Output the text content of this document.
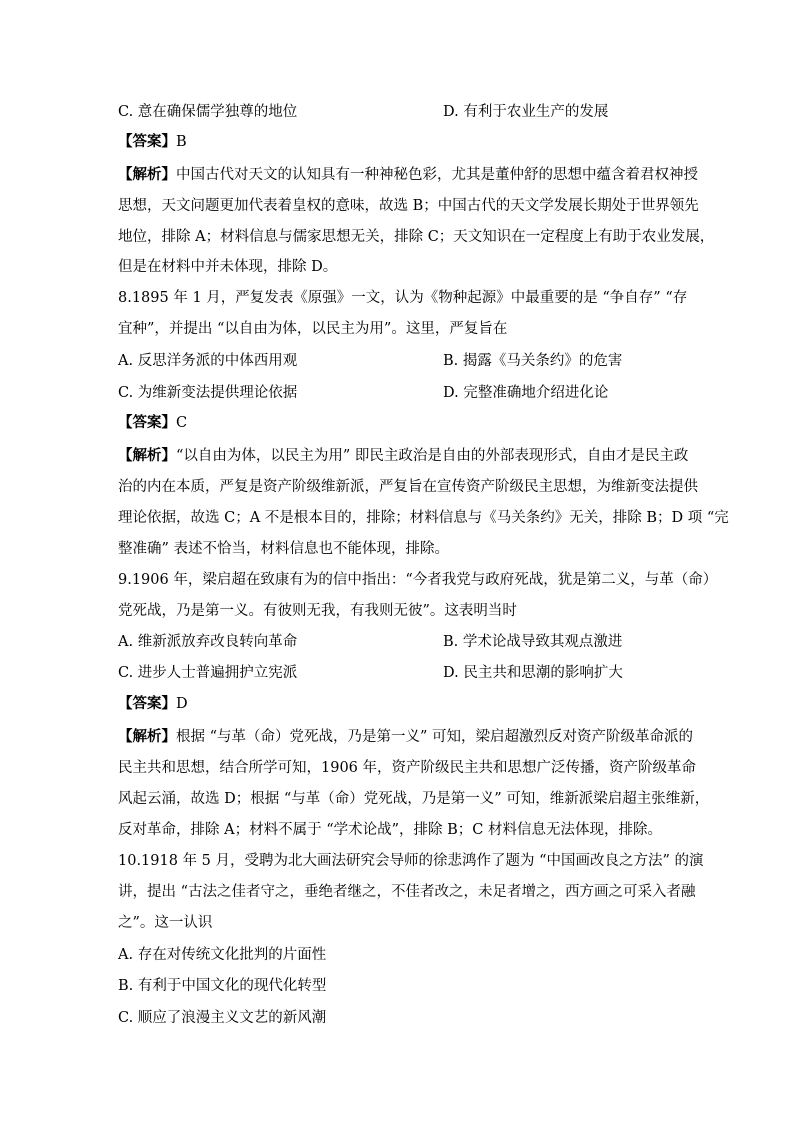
C. 意在确保儒学独尊的地位	D. 有利于农业生产的发展
【答案】B
【解析】中国古代对天文的认知具有一种神秘色彩，尤其是董仲舒的思想中蕴含着君权神授
思想，天文问题更加代表着皇权的意味，故选 B；中国古代的天文学发展长期处于世界领先
地位，排除 A；材料信息与儒家思想无关，排除 C；天文知识在一定程度上有助于农业发展，
但是在材料中并未体现，排除 D。
8.1895 年 1 月，严复发表《原强》一文，认为《物种起源》中最重要的是 “争自存” “存
宜种”，并提出 “以自由为体，以民主为用”。这里，严复旨在
A. 反思洋务派的中体西用观	B. 揭露《马关条约》的危害
C. 为维新变法提供理论依据	D. 完整准确地介绍进化论
【答案】C
【解析】“以自由为体，以民主为用” 即民主政治是自由的外部表现形式，自由才是民主政
治的内在本质，严复是资产阶级维新派，严复旨在宣传资产阶级民主思想，为维新变法提供
理论依据，故选 C；A 不是根本目的，排除；材料信息与《马关条约》无关，排除 B；D 项 “完
整准确” 表述不恰当，材料信息也不能体现，排除。
9.1906 年，梁启超在致康有为的信中指出：“今者我党与政府死战，犹是第二义，与革（命）
党死战，乃是第一义。有彼则无我，有我则无彼”。这表明当时
A. 维新派放弃改良转向革命	B. 学术论战导致其观点激进
C. 进步人士普遍拥护立宪派	D. 民主共和思潮的影响扩大
【答案】D
【解析】根据 “与革（命）党死战，乃是第一义” 可知，梁启超激烈反对资产阶级革命派的
民主共和思想，结合所学可知，1906 年，资产阶级民主共和思想广泛传播，资产阶级革命
风起云涌，故选 D；根据 “与革（命）党死战，乃是第一义” 可知，维新派梁启超主张维新，
反对革命，排除 A；材料不属于 “学术论战”，排除 B；C 材料信息无法体现，排除。
10.1918 年 5 月，受聘为北大画法研究会导师的徐悲鸿作了题为 “中国画改良之方法” 的演
讲，提出 “古法之佳者守之，垂绝者继之，不佳者改之，未足者增之，西方画之可采入者融
之”。这一认识
A. 存在对传统文化批判的片面性
B. 有利于中国文化的现代化转型
C. 顺应了浪漫主义文艺的新风潮
